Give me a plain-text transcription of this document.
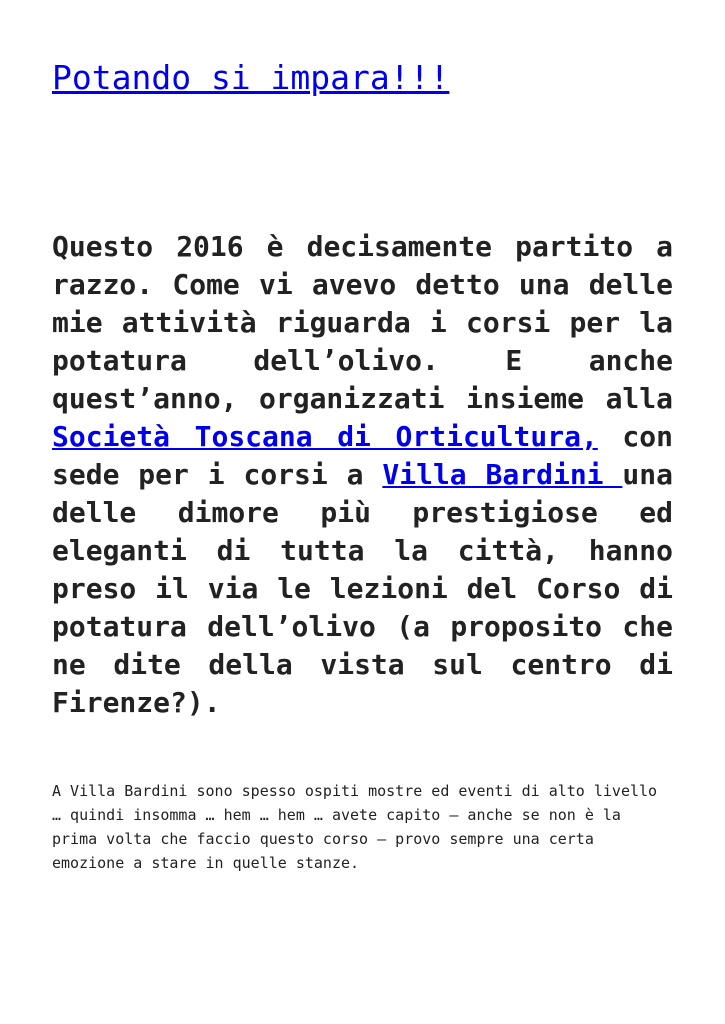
Potando si impara!!!

Questo 2016 è decisamente partito a razzo. Come vi avevo detto una delle mie attività riguarda i corsi per la potatura dell’olivo. E anche quest’anno, organizzati insieme alla Società Toscana di Orticultura, con sede per i corsi a Villa Bardini una delle dimore più prestigiose ed eleganti di tutta la città, hanno preso il via le lezioni del Corso di potatura dell’olivo (a proposito che ne dite della vista sul centro di Firenze?).

A Villa Bardini sono spesso ospiti mostre ed eventi di alto livello … quindi insomma … hem … hem … avete capito – anche se non è la prima volta che faccio questo corso – provo sempre una certa emozione a stare in quelle stanze.
